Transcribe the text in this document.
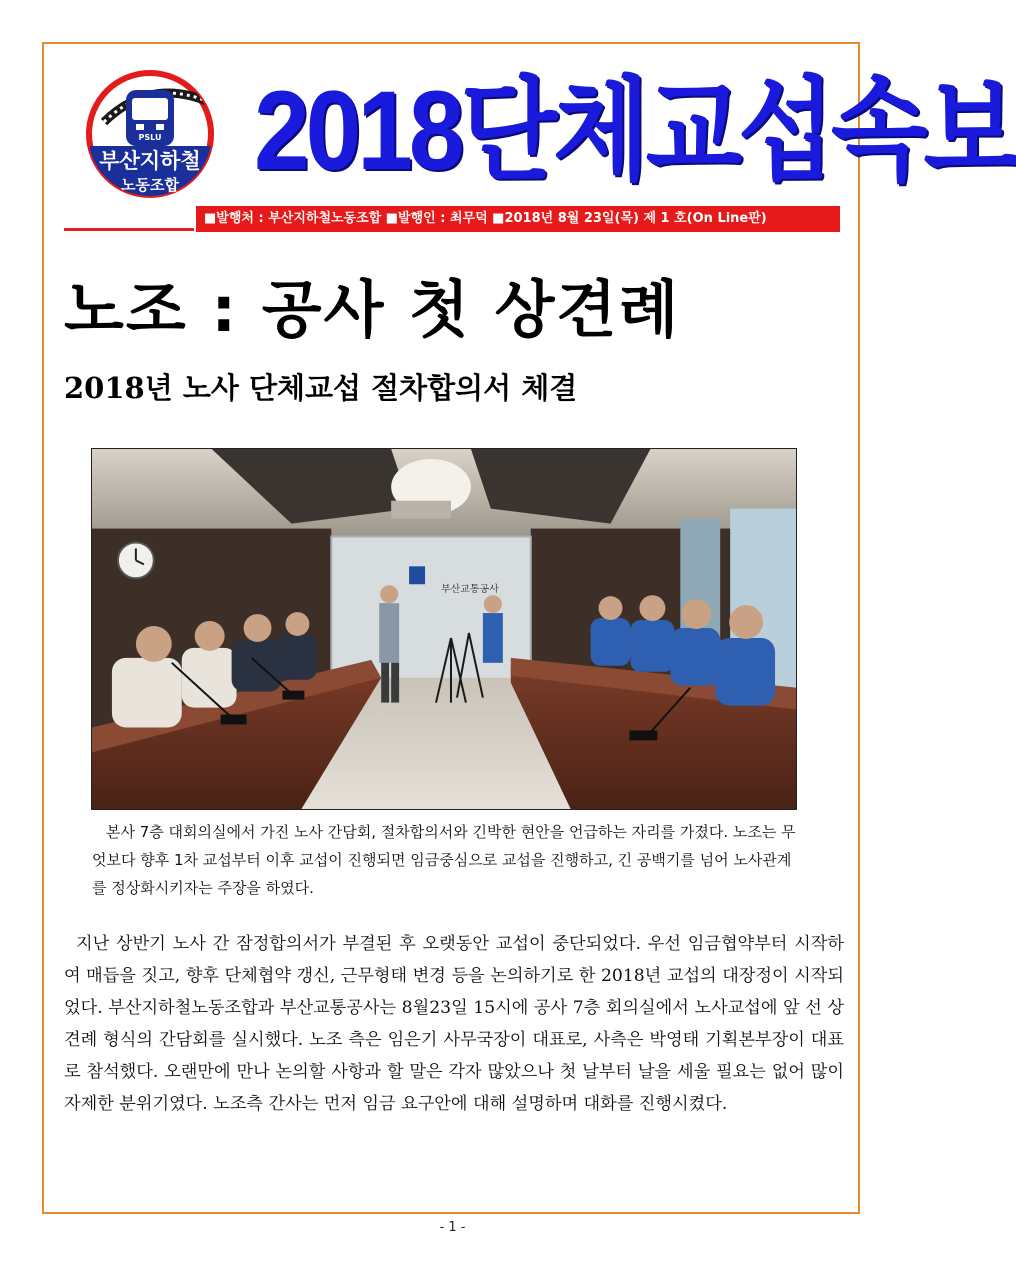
PSLU
부산지하철
노동조합 2018단체교섭속보
■발행처 : 부산지하철노동조합 ■발행인 : 최무덕 ■2018년 8월 23일(목) 제 1 호(On Line판)
노조 : 공사 첫 상견례
2018년 노사 단체교섭 절차합의서 체결
부산교통공사
본사 7층 대회의실에서 가진 노사 간담회, 절차합의서와 긴박한 현안을 언급하는 자리를 가졌다. 노조는 무엇보다 향후 1차 교섭부터 이후 교섭이 진행되면 임금중심으로 교섭을 진행하고, 긴 공백기를 넘어 노사관계를 정상화시키자는 주장을 하였다.
지난 상반기 노사 간 잠정합의서가 부결된 후 오랫동안 교섭이 중단되었다. 우선 임금협약부터 시작하여 매듭을 짓고, 향후 단체협약 갱신, 근무형태 변경 등을 논의하기로 한 2018년 교섭의 대장정이 시작되었다. 부산지하철노동조합과 부산교통공사는 8월23일 15시에 공사 7층 회의실에서 노사교섭에 앞 선 상견례 형식의 간담회를 실시했다. 노조 측은 임은기 사무국장이 대표로, 사측은 박영태 기획본부장이 대표로 참석했다. 오랜만에 만나 논의할 사항과 할 말은 각자 많았으나 첫 날부터 날을 세울 필요는 없어 많이 자제한 분위기였다. 노조측 간사는 먼저 임금 요구안에 대해 설명하며 대화를 진행시켰다.
- 1 -
